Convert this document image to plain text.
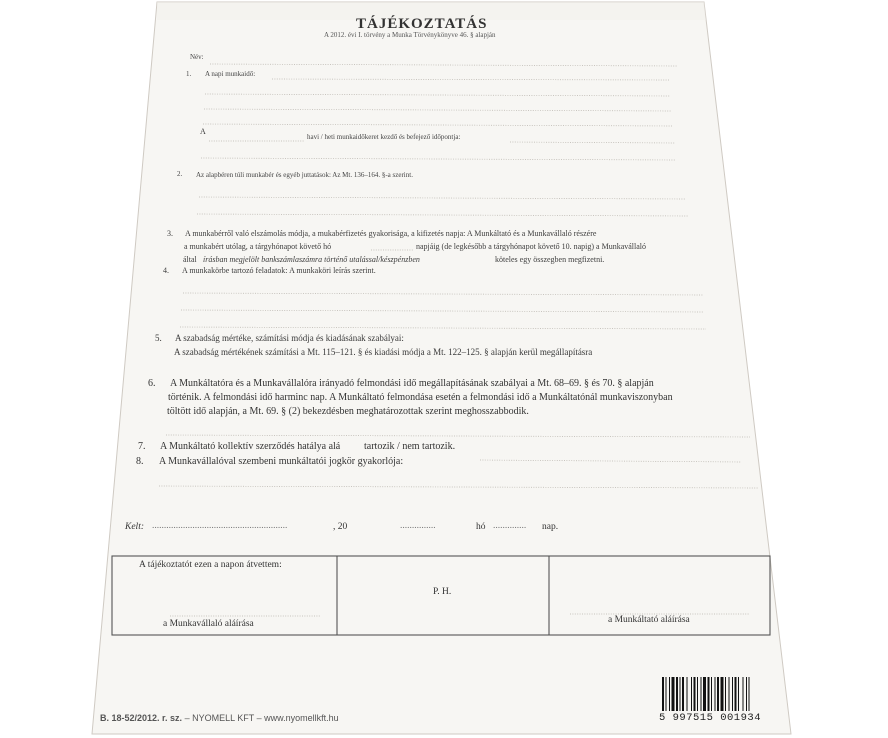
TÁJÉKOZTATÁS
A 2012. évi I. törvény a Munka Törvénykönyve 46. § alapján
Név:
1. A napi munkaidő:
A
havi / heti munkaidőkeret kezdő és befejező időpontja:
2. Az alapbéren túli munkabér és egyéb juttatások: Az Mt. 136–164. §-a szerint.
3. A munkabérről való elszámolás módja, a mukabérfizetés gyakorisága, a kifizetés napja: A Munkáltató és a Munkavállaló részére
a munkabért utólag, a tárgyhónapot követő hó	napjáig (de legkésőbb a tárgyhónapot követő 10. napig) a Munkavállaló
által írásban megjelölt bankszámlaszámra történő utalással/készpénzben	köteles egy összegben megfizetni.
4. A munkakörbe tartozó feladatok: A munkaköri leírás szerint.
5. A szabadság mértéke, számítási módja és kiadásának szabályai:
A szabadság mértékének számítási a Mt. 115–121. § és kiadási módja a Mt. 122–125. § alapján kerül megállapításra
6. A Munkáltatóra és a Munkavállalóra irányadó felmondási idő megállapításának szabályai a Mt. 68–69. § és 70. § alapján
történik. A felmondási idő harminc nap. A Munkáltató felmondása esetén a felmondási idő a Munkáltatónál munkaviszonyban
töltött idő alapján, a Mt. 69. § (2) bekezdésben meghatározottak szerint meghosszabbodik.
7. A Munkáltató kollektív szerződés hatálya alá tartozik / nem tartozik.
8. A Munkavállalóval szembeni munkáltatói jogkör gyakorlója:
Kelt: .........................................................	, 20	...............	hó .............. nap.
A tájékoztatót ezen a napon átvettem:
P. H.
a Munkavállaló aláírása	a Munkáltató aláírása
B. 18-52/2012. r. sz. – NYOMELL KFT – www.nyomellkft.hu	5 997515 001934
